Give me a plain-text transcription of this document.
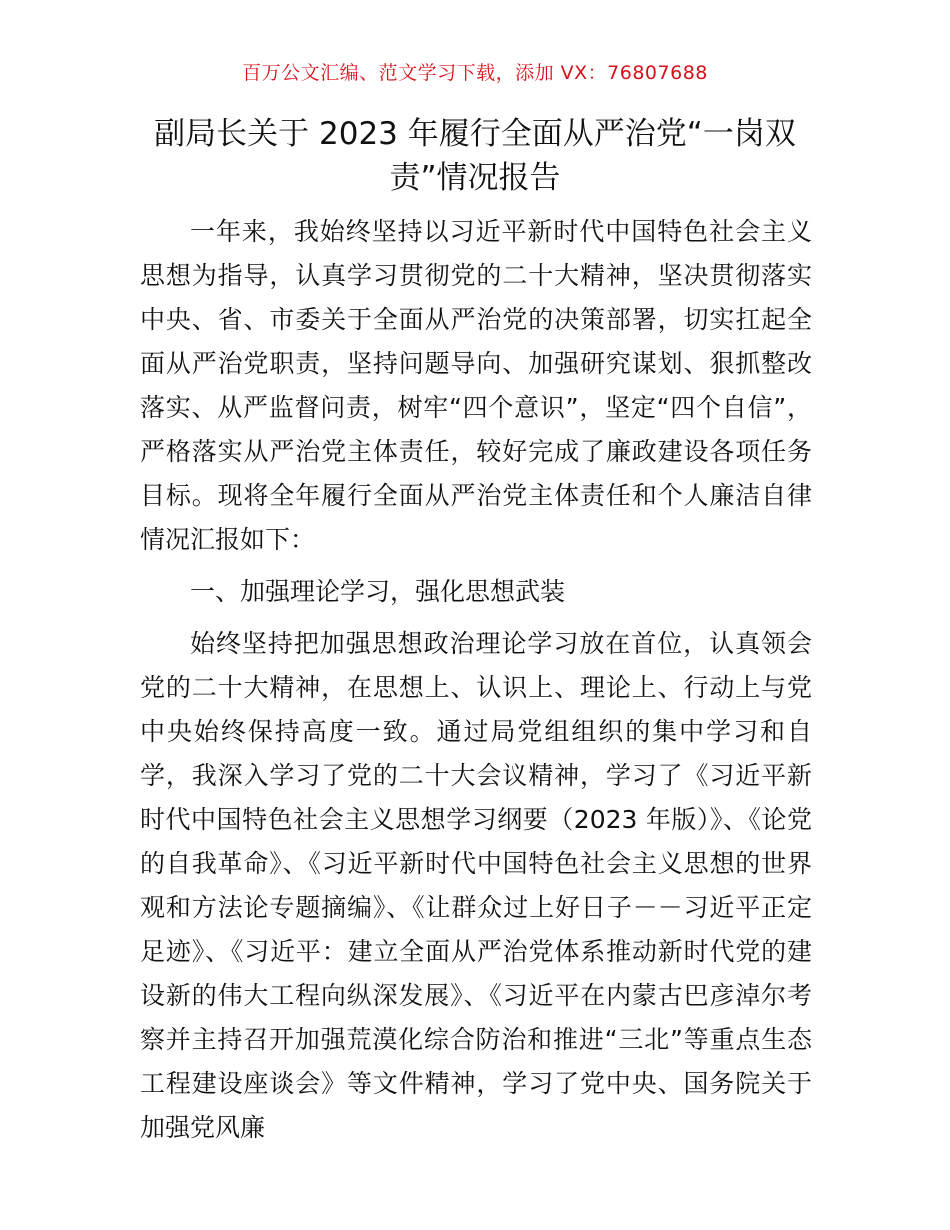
百万公文汇编、范文学习下载，添加 VX：76807688
副局长关于 2023 年履行全面从严治党“一岗双责”情况报告

一年来，我始终坚持以习近平新时代中国特色社会主义思想为指导，认真学习贯彻党的二十大精神，坚决贯彻落实中央、省、市委关于全面从严治党的决策部署，切实扛起全面从严治党职责，坚持问题导向、加强研究谋划、狠抓整改落实、从严监督问责，树牢“四个意识”，坚定“四个自信”，严格落实从严治党主体责任，较好完成了廉政建设各项任务目标。现将全年履行全面从严治党主体责任和个人廉洁自律情况汇报如下：

一、加强理论学习，强化思想武装

始终坚持把加强思想政治理论学习放在首位，认真领会党的二十大精神，在思想上、认识上、理论上、行动上与党中央始终保持高度一致。通过局党组组织的集中学习和自学，我深入学习了党的二十大会议精神，学习了《习近平新时代中国特色社会主义思想学习纲要（2023 年版）》、《论党的自我革命》、《习近平新时代中国特色社会主义思想的世界观和方法论专题摘编》、《让群众过上好日子－－习近平正定足迹》、《习近平：建立全面从严治党体系推动新时代党的建设新的伟大工程向纵深发展》、《习近平在内蒙古巴彦淖尔考察并主持召开加强荒漠化综合防治和推进“三北”等重点生态工程建设座谈会》等文件精神，学习了党中央、国务院关于加强党风廉
